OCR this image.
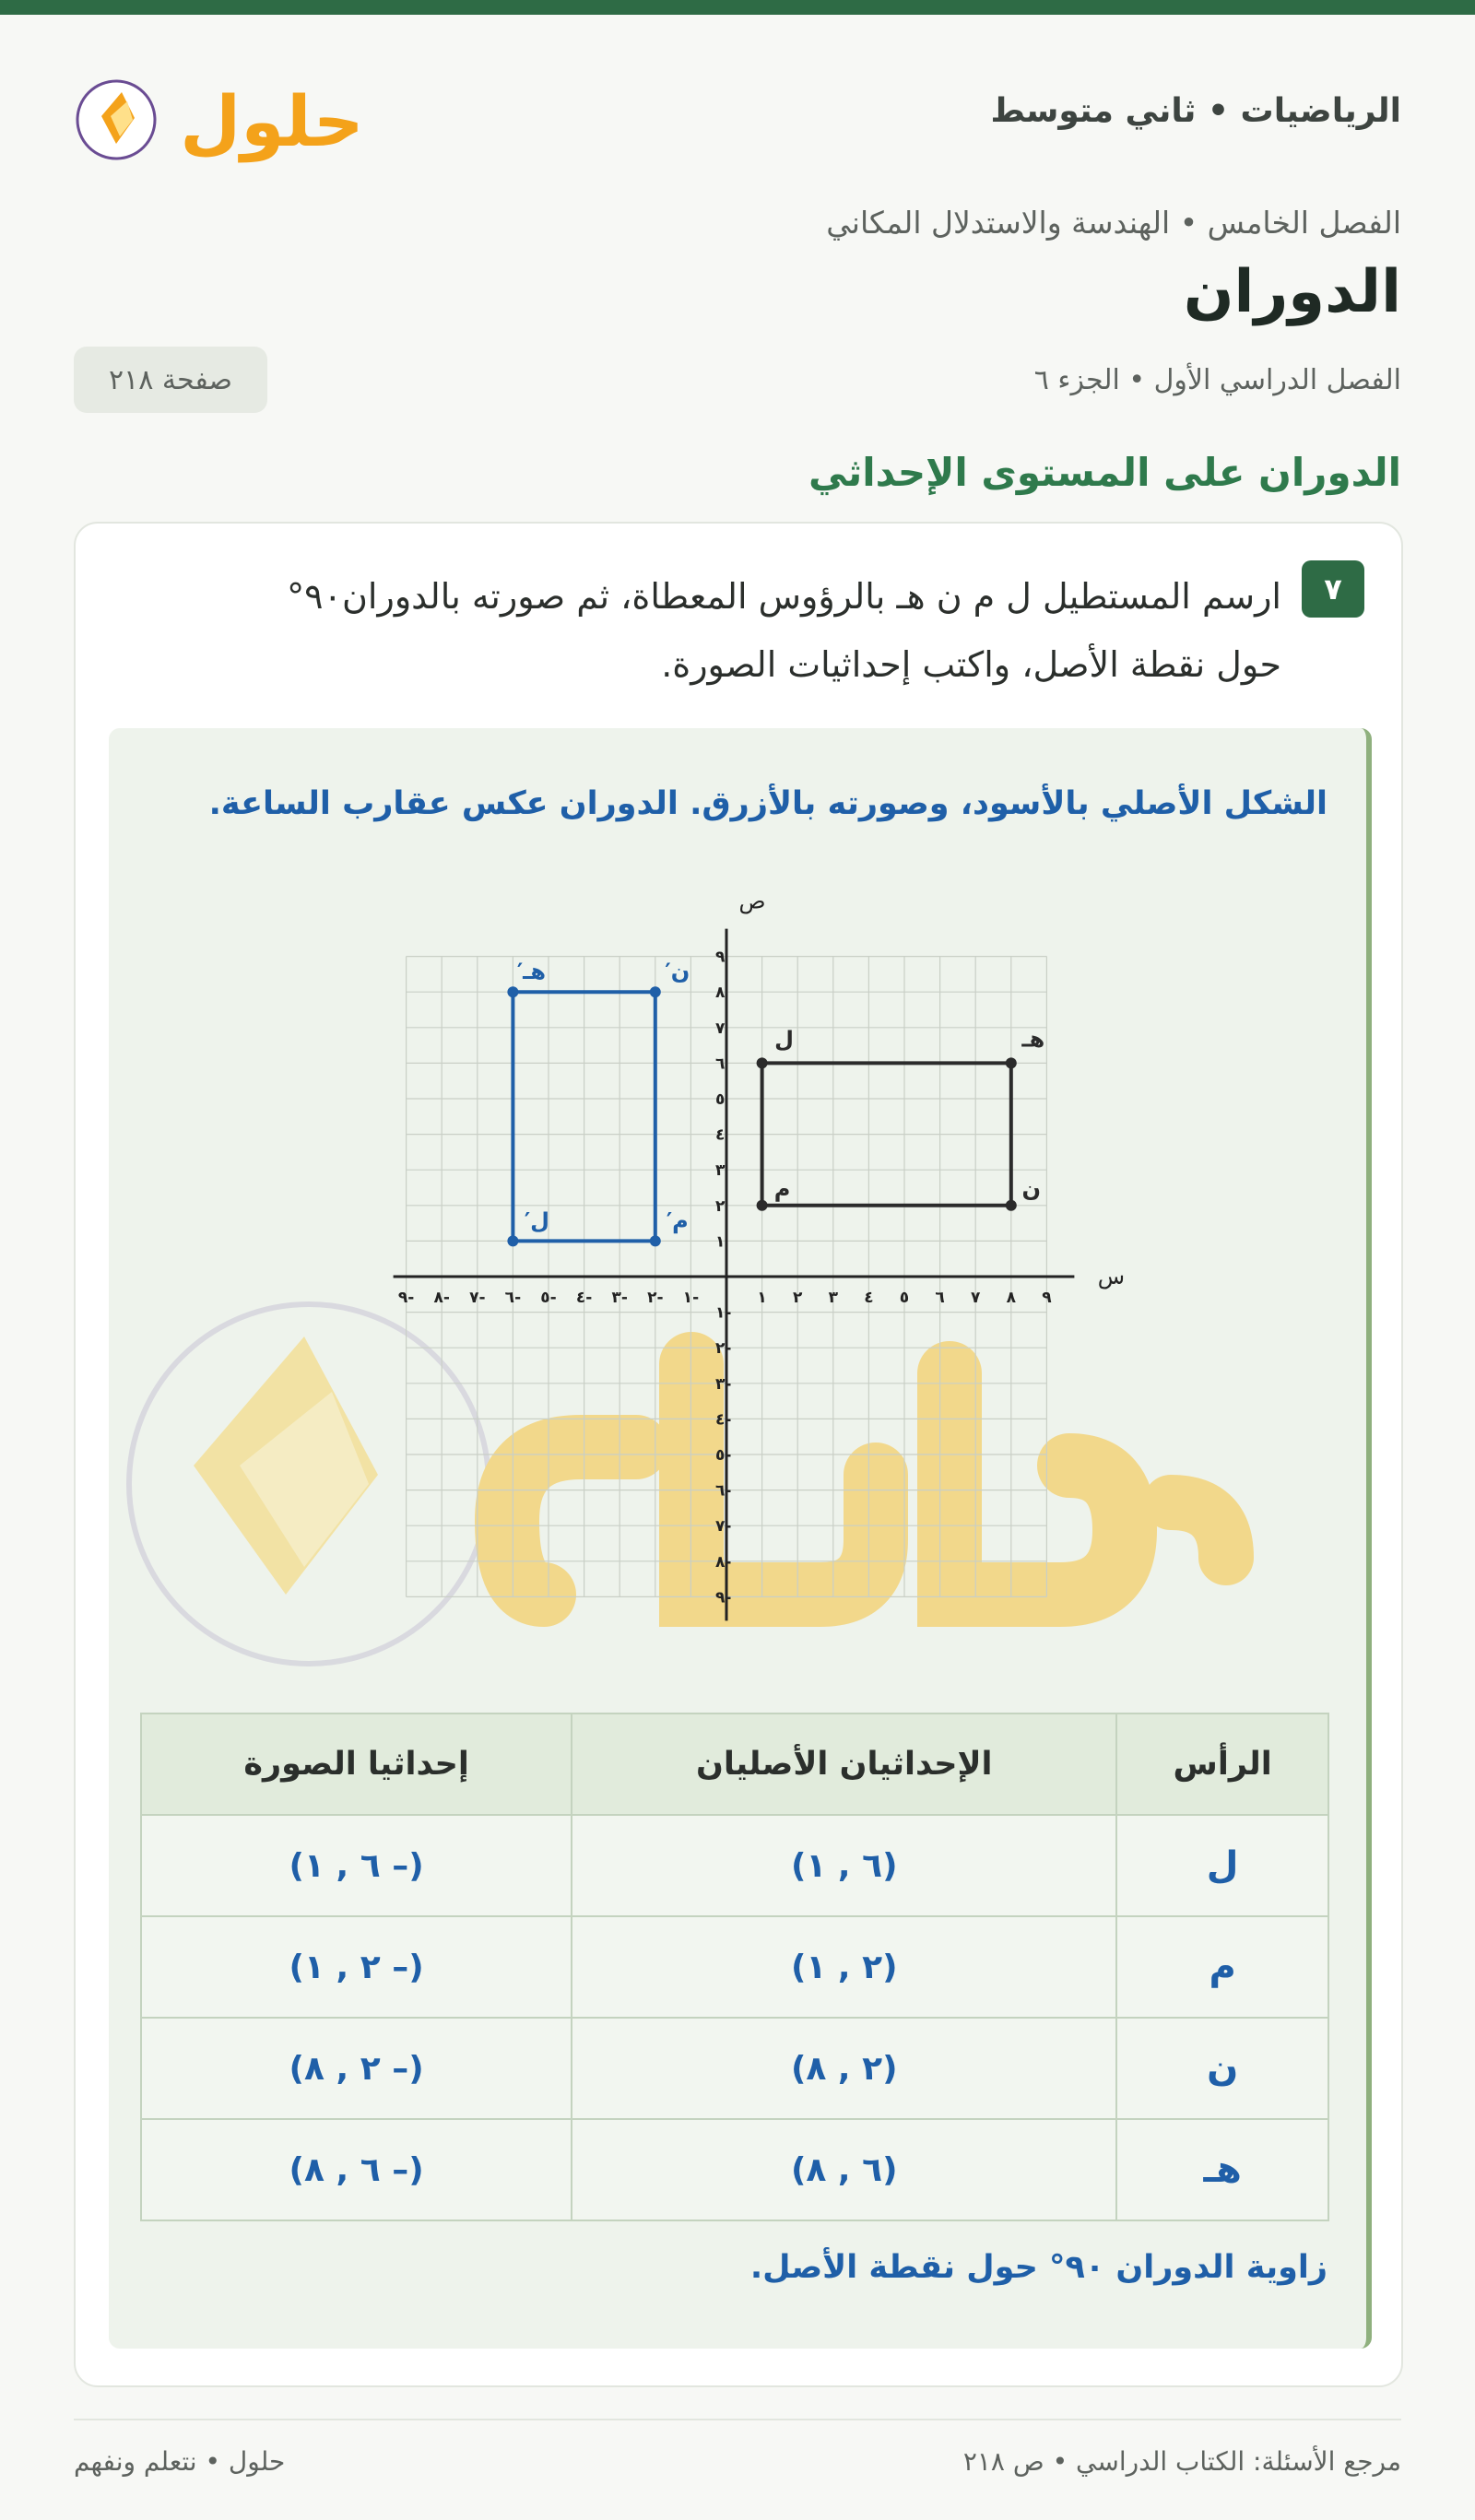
الرياضيات • ثاني متوسط
حلول
الفصل الخامس • الهندسة والاستدلال المكاني
الدوران
الفصل الدراسي الأول • الجزء ٦
صفحة ٢١٨
الدوران على المستوى الإحداثي
٧
ارسم المستطيل ل م ن هـ بالرؤوس المعطاة، ثم صورته بالدوران٩٠° حول نقطة الأصل، واكتب إحداثيات الصورة.
الشكل الأصلي بالأسود، وصورته بالأزرق. الدوران عكس عقارب الساعة.
س
ص
-٩
-٩
-٨
-٨
-٧
-٧
-٦
-٦
-٥
-٥
-٤
-٤
-٣
-٣
-٢
-٢
-١
-١
١
١
٢
٢
٣
٣
٤
٤
٥
٥
٦
٦
٧
٧
٨
٨
٩
٩
ل
م	ن
هـ
ل′	م′
ن′
هـ′
الرأس	الإحداثيان الأصليان	إحداثيا الصورة
ل	(٦ , ١)	(– ٦ , ١)
م	(٢ , ١)	(– ٢ , ١)
ن	(٢ , ٨)	(– ٢ , ٨)
هـ	(٦ , ٨)	(– ٦ , ٨)
زاوية الدوران ٩٠° حول نقطة الأصل.
حلول • نتعلم ونفهم	مرجع الأسئلة: الكتاب الدراسي • ص ٢١٨
